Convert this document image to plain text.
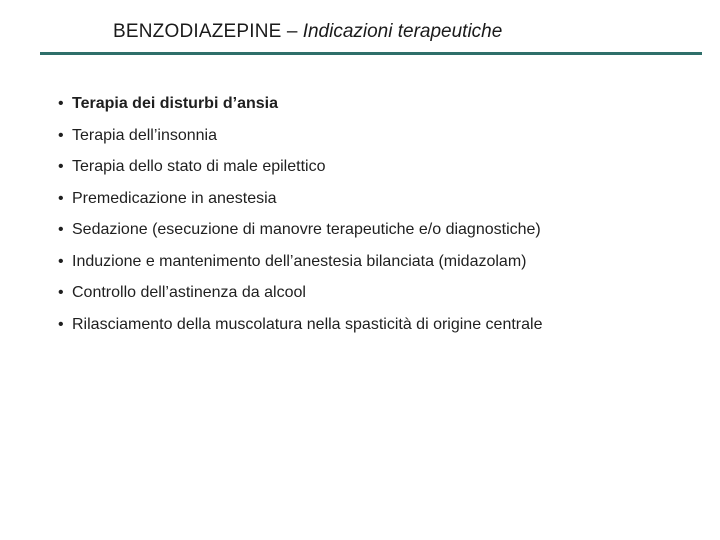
BENZODIAZEPINE – Indicazioni terapeutiche
• Terapia dei disturbi d’ansia
• Terapia dell’insonnia
• Terapia dello stato di male epilettico
• Premedicazione in anestesia
• Sedazione (esecuzione di manovre terapeutiche e/o diagnostiche)
• Induzione e mantenimento dell’anestesia bilanciata (midazolam)
• Controllo dell’astinenza da alcool
• Rilasciamento della muscolatura nella spasticità di origine centrale
